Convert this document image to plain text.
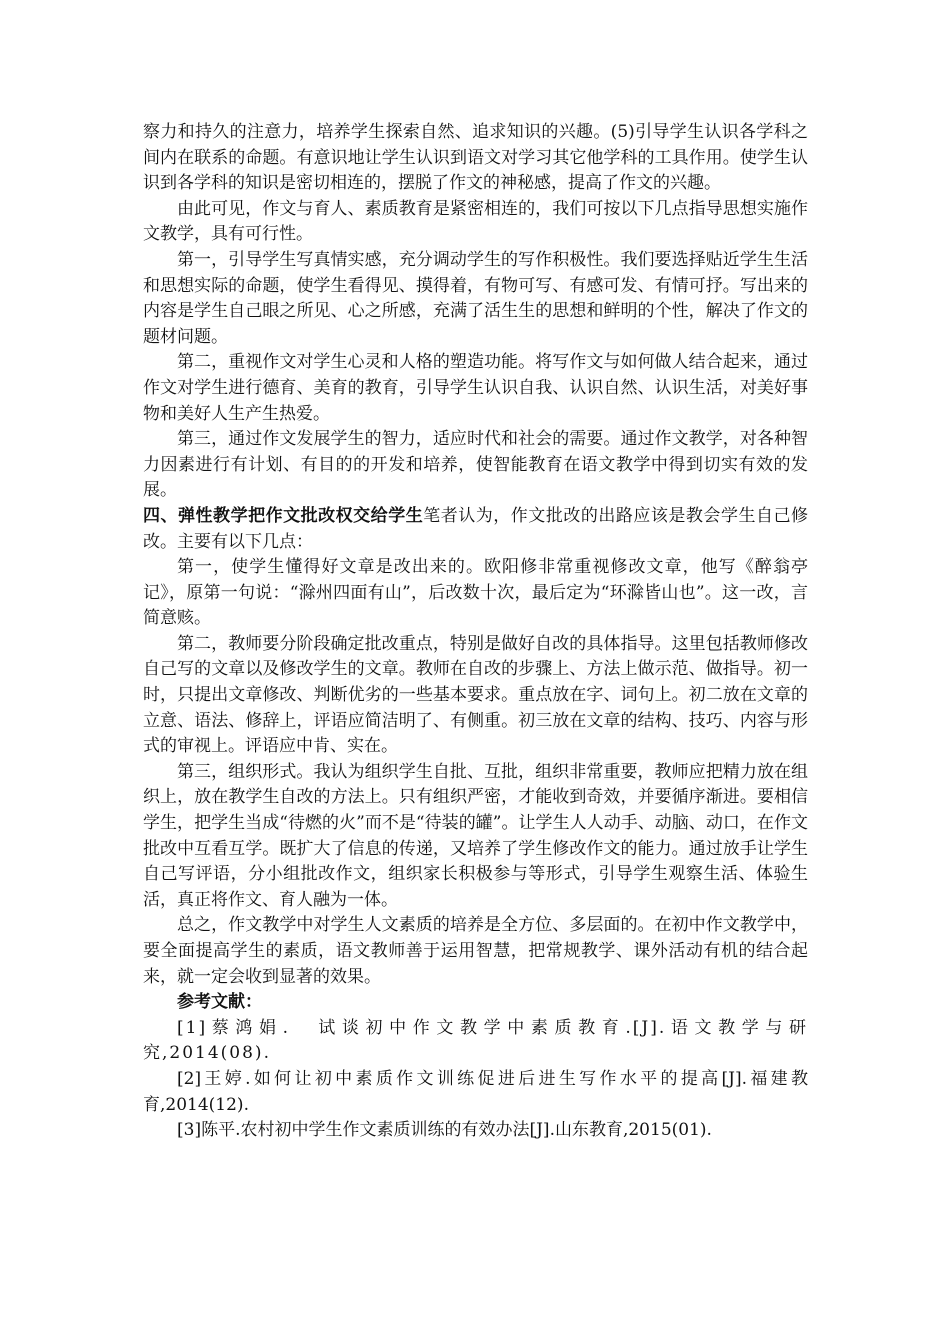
察力和持久的注意力，培养学生探索自然、追求知识的兴趣。(5)引导学生认识各学科之间内在联系的命题。有意识地让学生认识到语文对学习其它他学科的工具作用。使学生认识到各学科的知识是密切相连的，摆脱了作文的神秘感，提高了作文的兴趣。

由此可见，作文与育人、素质教育是紧密相连的，我们可按以下几点指导思想实施作文教学，具有可行性。

第一，引导学生写真情实感，充分调动学生的写作积极性。我们要选择贴近学生生活和思想实际的命题，使学生看得见、摸得着，有物可写、有感可发、有情可抒。写出来的内容是学生自己眼之所见、心之所感，充满了活生生的思想和鲜明的个性，解决了作文的题材问题。

第二，重视作文对学生心灵和人格的塑造功能。将写作文与如何做人结合起来，通过作文对学生进行德育、美育的教育，引导学生认识自我、认识自然、认识生活，对美好事物和美好人生产生热爱。

第三，通过作文发展学生的智力，适应时代和社会的需要。通过作文教学，对各种智力因素进行有计划、有目的的开发和培养，使智能教育在语文教学中得到切实有效的发展。

四、弹性教学把作文批改权交给学生笔者认为，作文批改的出路应该是教会学生自己修改。主要有以下几点：

第一，使学生懂得好文章是改出来的。欧阳修非常重视修改文章，他写《醉翁亭记》，原第一句说：“滁州四面有山”，后改数十次，最后定为“环滁皆山也”。这一改，言简意赅。

第二，教师要分阶段确定批改重点，特别是做好自改的具体指导。这里包括教师修改自己写的文章以及修改学生的文章。教师在自改的步骤上、方法上做示范、做指导。初一时，只提出文章修改、判断优劣的一些基本要求。重点放在字、词句上。初二放在文章的立意、语法、修辞上，评语应简洁明了、有侧重。初三放在文章的结构、技巧、内容与形式的审视上。评语应中肯、实在。

第三，组织形式。我认为组织学生自批、互批，组织非常重要，教师应把精力放在组织上，放在教学生自改的方法上。只有组织严密，才能收到奇效，并要循序渐进。要相信学生，把学生当成“待燃的火”而不是“待装的罐”。让学生人人动手、动脑、动口，在作文批改中互看互学。既扩大了信息的传递，又培养了学生修改作文的能力。通过放手让学生自己写评语，分小组批改作文，组织家长积极参与等形式，引导学生观察生活、体验生活，真正将作文、育人融为一体。

总之，作文教学中对学生人文素质的培养是全方位、多层面的。在初中作文教学中，要全面提高学生的素质，语文教师善于运用智慧，把常规教学、课外活动有机的结合起来，就一定会收到显著的效果。

参考文献：

[1]蔡鸿娟.　试谈初中作文教学中素质教育.[J].语文教学与研究,2014(08).

[2]王婷.如何让初中素质作文训练促进后进生写作水平的提高[J].福建教育,2014(12).

[3]陈平.农村初中学生作文素质训练的有效办法[J].山东教育,2015(01).
